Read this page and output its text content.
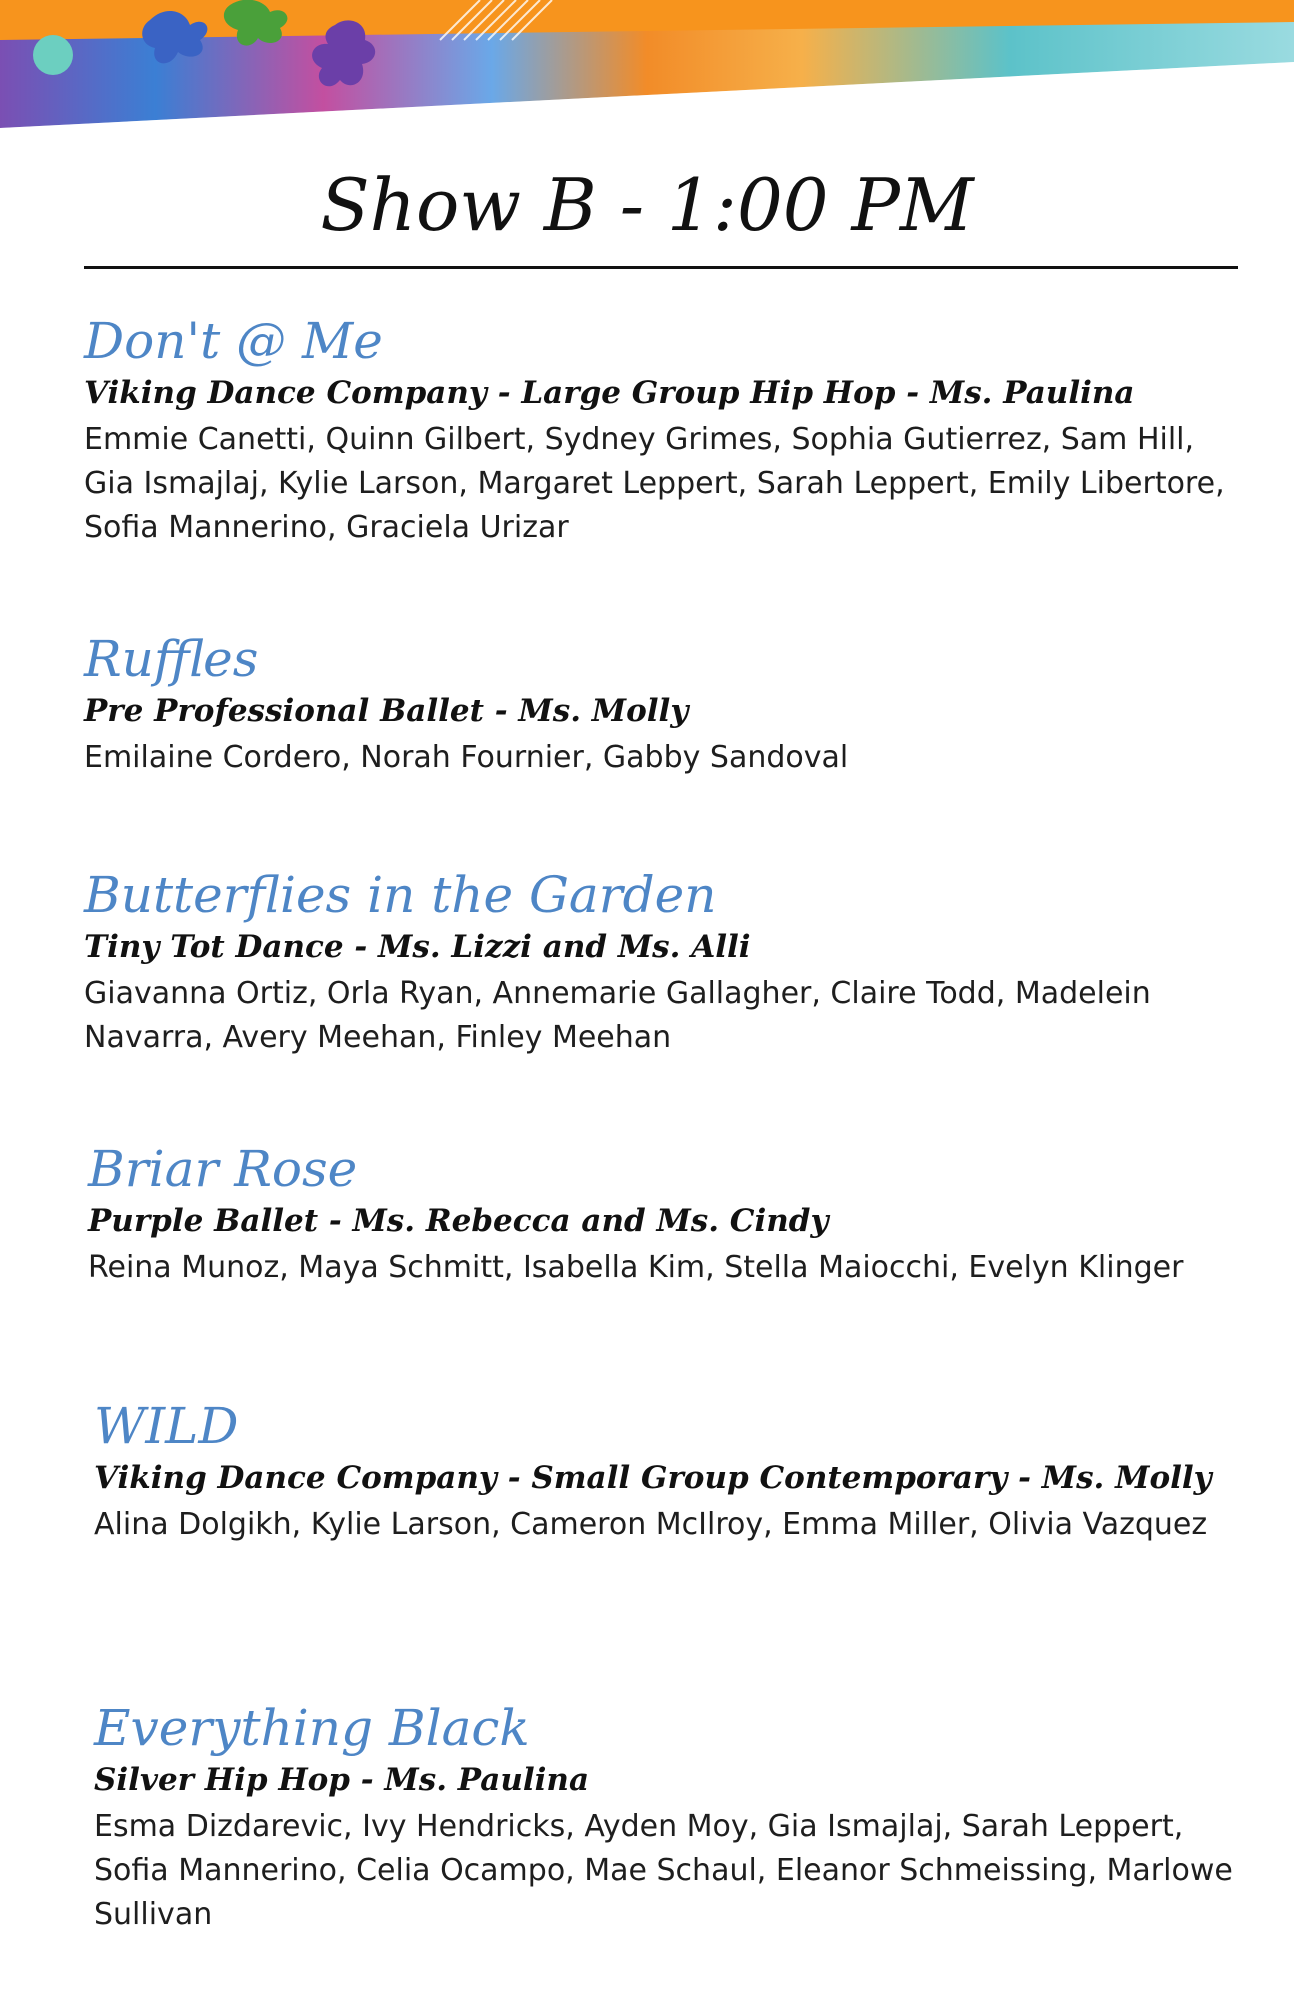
Show B - 1:00 PM
Don't @ Me

Viking Dance Company - Large Group Hip Hop - Ms. Paulina

Emmie Canetti, Quinn Gilbert, Sydney Grimes, Sophia Gutierrez, Sam Hill, Gia Ismajlaj, Kylie Larson, Margaret Leppert, Sarah Leppert, Emily Libertore, Sofia Mannerino, Graciela Urizar

Ruffles

Pre Professional Ballet - Ms. Molly

Emilaine Cordero, Norah Fournier, Gabby Sandoval

Butterflies in the Garden

Tiny Tot Dance - Ms. Lizzi and Ms. Alli

Giavanna Ortiz, Orla Ryan, Annemarie Gallagher, Claire Todd, Madelein Navarra, Avery Meehan, Finley Meehan

Briar Rose

Purple Ballet - Ms. Rebecca and Ms. Cindy

Reina Munoz, Maya Schmitt, Isabella Kim, Stella Maiocchi, Evelyn Klinger

WILD

Viking Dance Company - Small Group Contemporary - Ms. Molly

Alina Dolgikh, Kylie Larson, Cameron McIlroy, Emma Miller, Olivia Vazquez

Everything Black

Silver Hip Hop - Ms. Paulina

Esma Dizdarevic, Ivy Hendricks, Ayden Moy, Gia Ismajlaj, Sarah Leppert, Sofia Mannerino, Celia Ocampo, Mae Schaul, Eleanor Schmeissing, Marlowe Sullivan
